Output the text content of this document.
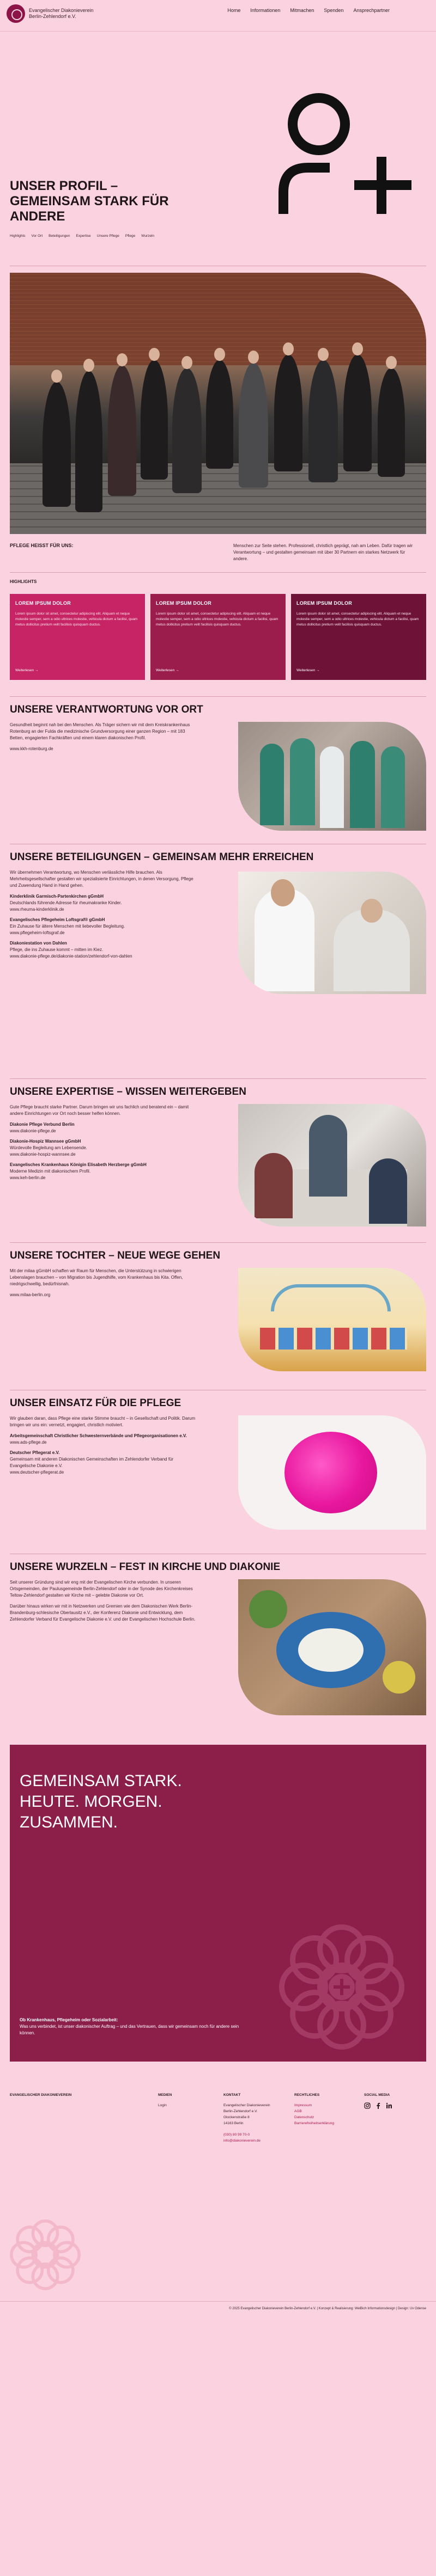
Evangelischer Diakonieverein
Berlin-Zehlendorf e.V.
Home Informationen Mitmachen Spenden Ansprechpartner
UNSER PROFIL – GEMEINSAM STARK FÜR ANDERE
Highlights Vor Ort Beteiligungen Expertise Unsere Pflege Pflege Wurzeln
PFLEGE HEISST FÜR UNS:	Menschen zur Seite stehen. Professionell, christlich geprägt, nah am Leben. Dafür tragen wir Verantwortung – und gestalten gemeinsam mit über 30 Partnern ein starkes Netzwerk für andere.
HIGHLIGHTS
LOREM IPSUM DOLOR

Lorem ipsum dolor sit amet, consectetur adipiscing elit. Aliquam et neque molestie semper, sem a odio ultrices molestie, vehicula dictum a facilisi, quam metus dollicitus pretium velit facilisis quisquam ductus.

Weiterlesen →
LOREM IPSUM DOLOR

Lorem ipsum dolor sit amet, consectetur adipiscing elit. Aliquam et neque molestie semper, sem a odio ultrices molestie, vehicula dictum a facilisi, quam metus dollicitus pretium velit facilisis quisquam ductus.

Weiterlesen →
LOREM IPSUM DOLOR

Lorem ipsum dolor sit amet, consectetur adipiscing elit. Aliquam et neque molestie semper, sem a odio ultrices molestie, vehicula dictum a facilisi, quam metus dollicitus pretium velit facilisis quisquam ductus.

Weiterlesen →
UNSERE VERANTWORTUNG VOR ORT

Gesundheit beginnt nah bei den Menschen. Als Träger sichern wir mit dem Kreiskrankenhaus Rotenburg an der Fulda die medizinische Grundversorgung einer ganzen Region – mit 183 Betten, engagierten Fachkräften und einem klaren diakonischen Profil.

www.kkh-rotenburg.de
UNSERE BETEILIGUNGEN – GEMEINSAM MEHR ERREICHEN

Wir übernehmen Verantwortung, wo Menschen verlässliche Hilfe brauchen. Als Mehrheitsgesellschafter gestalten wir spezialisierte Einrichtungen, in denen Versorgung, Pflege und Zuwendung Hand in Hand gehen.

Kinderklinik Garmisch-Partenkirchen gGmbH
Deutschlands führende Adresse für rheumakranke Kinder.
www.rheuma-kinderklinik.de
Evangelisches Pflegeheim Loftsgraf® gGmbH
Ein Zuhause für ältere Menschen mit liebevoller Begleitung.
www.pflegeheim-loftsgraf.de
Diakoniestation von Dahlen
Pflege, die ins Zuhause kommt – mitten im Kiez.
www.diakonie-pflege.de/diakonie-station/zehlendorf-von-dahlen
UNSERE EXPERTISE – WISSEN WEITERGEBEN

Gute Pflege braucht starke Partner. Darum bringen wir uns fachlich und beratend ein – damit andere Einrichtungen vor Ort noch besser helfen können.

Diakonie Pflege Verbund Berlin
www.diakonie-pflege.de
Diakonie-Hospiz Wannsee gGmbH
Würdevolle Begleitung am Lebensende.
www.diakonie-hospiz-wannsee.de
Evangelisches Krankenhaus Königin Elisabeth Herzberge gGmbH
Moderne Medizin mit diakonischem Profil.
www.keh-berlin.de
UNSERE TOCHTER – NEUE WEGE GEHEN

Mit der milaa gGmbH schaffen wir Raum für Menschen, die Unterstützung in schwierigen Lebenslagen brauchen – von Migration bis Jugendhilfe, vom Krankenhaus bis Kita. Offen, niedrigschwellig, bedürfnisnah.

www.milaa-berlin.org
UNSER EINSATZ FÜR DIE PFLEGE

Wir glauben daran, dass Pflege eine starke Stimme braucht – in Gesellschaft und Politik. Darum bringen wir uns ein: vernetzt, engagiert, christlich motiviert.

Arbeitsgemeinschaft Christlicher Schwesternverbände und Pflegeorganisationen e.V.
www.ads-pflege.de
Deutscher Pflegerat e.V.
Gemeinsam mit anderen Diakonischen Gemeinschaften im Zehlendorfer Verband für Evangelische Diakonie e.V.
www.deutscher-pflegerat.de
UNSERE WURZELN – FEST IN KIRCHE UND DIAKONIE

Seit unserer Gründung sind wir eng mit der Evangelischen Kirche verbunden. In unseren Ortsgemeinden, der Paulusgemeinde Berlin-Zehlendorf oder in der Synode des Kirchenkreises Teltow-Zehlendorf gestalten wir Kirche mit – gelebte Diakonie vor Ort.

Darüber hinaus wirken wir mit in Netzwerken und Gremien wie dem Diakonischen Werk Berlin-Brandenburg-schlesische Oberlausitz e.V., der Konferenz Diakonie und Entwicklung, dem Zehlendorfer Verband für Evangelische Diakonie e.V. und der Evangelischen Hochschule Berlin.

GEMEINSAM STARK.
HEUTE. MORGEN.
ZUSAMMEN.
Ob Krankenhaus, Pflegeheim oder Sozialarbeit:
Was uns verbindet, ist unser diakonischer Auftrag – und das Vertrauen, dass wir gemeinsam noch für andere sein können.
EVANGELISCHER DIAKONIEVEREIN	MEDIEN
Login
KONTAKT
Evangelischer Diakonieverein
Berlin-Zehlendorf e.V.
Glockenstraße 8
14163 Berlin
(030) 80 99 70-0
info@diakonieverein.de
RECHTLICHES
Impressum
AGB
Datenschutz
Barrierefreiheitserklärung
SOCIAL MEDIA
© 2025 Evangelischer Diakonieverein Berlin-Zehlendorf e.V. | Konzept & Realisierung: WeiBich Informationsdesign | Design: Uv Odense
